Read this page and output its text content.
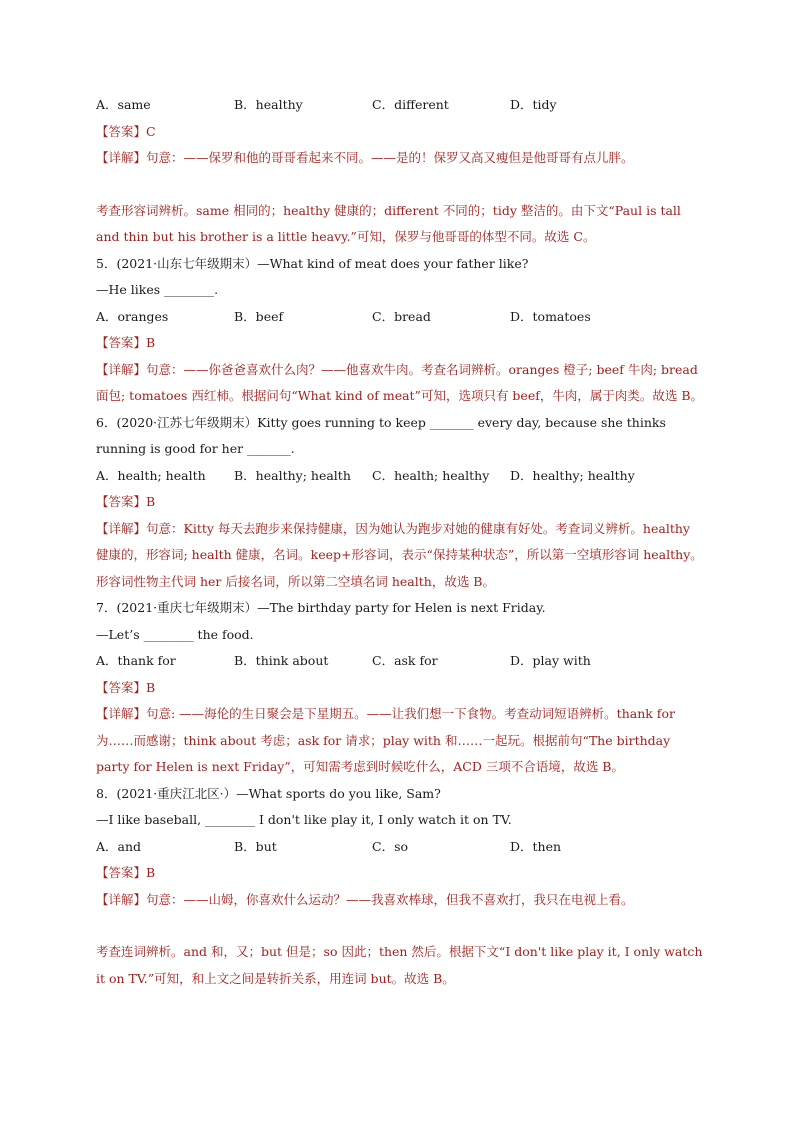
A．same	B．healthy	C．different	D．tidy
【答案】C
【详解】句意：——保罗和他的哥哥看起来不同。——是的！保罗又高又瘦但是他哥哥有点儿胖。
考查形容词辨析。same 相同的；healthy 健康的；different 不同的；tidy 整洁的。由下文“Paul is tall and thin but his brother is a little heavy.”可知，保罗与他哥哥的体型不同。故选 C。
5．(2021·山东七年级期末）—What kind of meat does your father like?
—He likes ________.
A．oranges	B．beef	C．bread	D．tomatoes
【答案】B
【详解】句意：——你爸爸喜欢什么肉？——他喜欢牛肉。考查名词辨析。oranges 橙子; beef 牛肉; bread 面包; tomatoes 西红柿。根据问句“What kind of meat”可知，选项只有 beef，牛肉，属于肉类。故选 B。
6．(2020·江苏七年级期末）Kitty goes running to keep _______ every day, because she thinks running is good for her _______.
A．health; health	B．healthy; health	C．health; healthy	D．healthy; healthy
【答案】B
【详解】句意：Kitty 每天去跑步来保持健康，因为她认为跑步对她的健康有好处。考查词义辨析。healthy 健康的，形容词; health 健康，名词。keep+形容词，表示“保持某种状态”，所以第一空填形容词 healthy。形容词性物主代词 her 后接名词，所以第二空填名词 health，故选 B。
7．(2021·重庆七年级期末）—The birthday party for Helen is next Friday.
—Let’s ________ the food.
A．thank for	B．think about	C．ask for	D．play with
【答案】B
【详解】句意: ——海伦的生日聚会是下星期五。——让我们想一下食物。考查动词短语辨析。thank for 为……而感谢；think about 考虑；ask for 请求；play with 和……一起玩。根据前句“The birthday party for Helen is next Friday”，可知需考虑到时候吃什么，ACD 三项不合语境，故选 B。
8．(2021·重庆江北区·）—What sports do you like, Sam?
—I like baseball, ________ I don't like play it, I only watch it on TV.
A．and	B．but	C．so	D．then
【答案】B
【详解】句意：——山姆，你喜欢什么运动？——我喜欢棒球，但我不喜欢打，我只在电视上看。
考查连词辨析。and 和，又；but 但是；so 因此；then 然后。根据下文“I don't like play it, I only watch it on TV.”可知，和上文之间是转折关系，用连词 but。故选 B。
